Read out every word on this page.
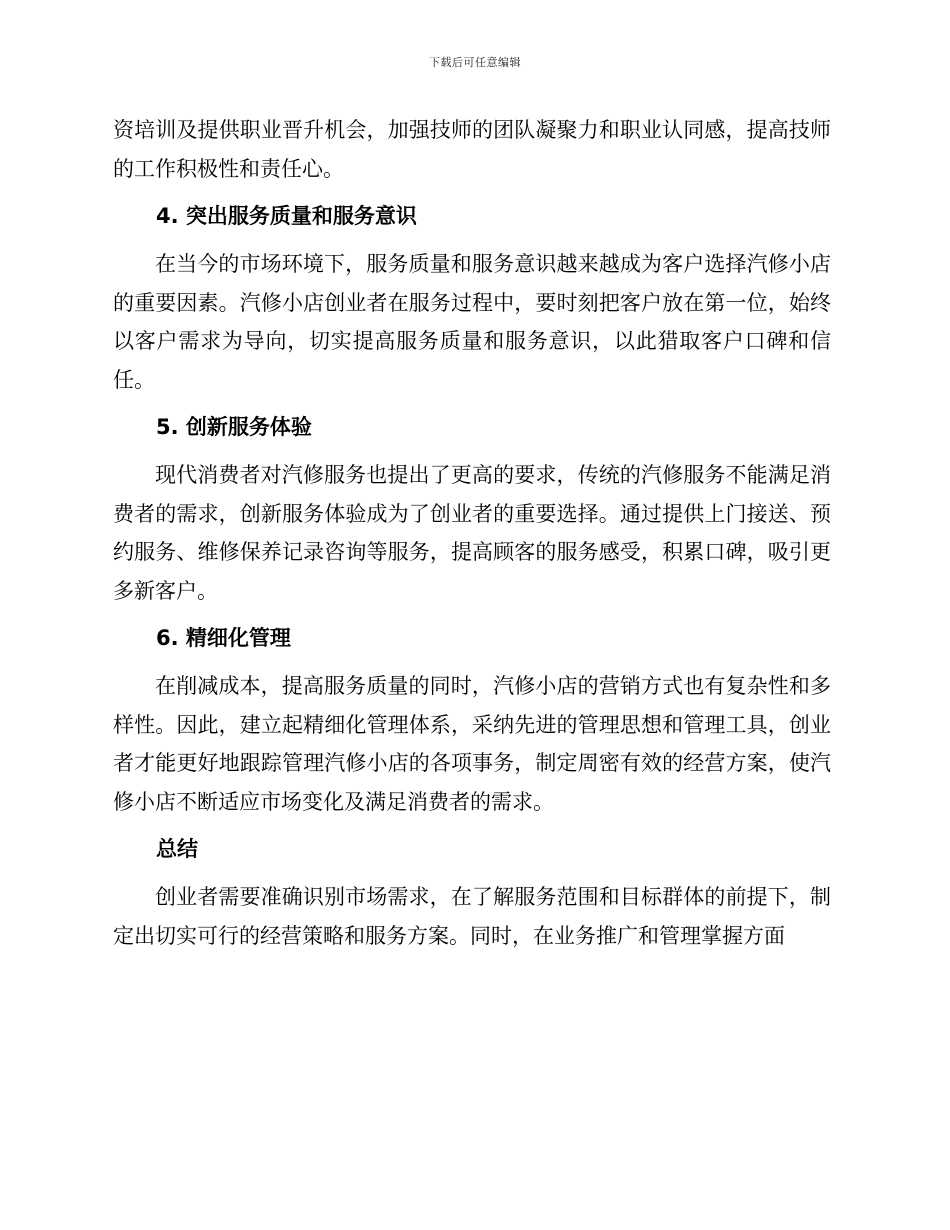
下载后可任意编辑

资培训及提供职业晋升机会，加强技师的团队凝聚力和职业认同感，提高技师的工作积极性和责任心。

4. 突出服务质量和服务意识

在当今的市场环境下，服务质量和服务意识越来越成为客户选择汽修小店的重要因素。汽修小店创业者在服务过程中，要时刻把客户放在第一位，始终以客户需求为导向，切实提高服务质量和服务意识，以此猎取客户口碑和信任。

5. 创新服务体验

现代消费者对汽修服务也提出了更高的要求，传统的汽修服务不能满足消费者的需求，创新服务体验成为了创业者的重要选择。通过提供上门接送、预约服务、维修保养记录咨询等服务，提高顾客的服务感受，积累口碑，吸引更多新客户。

6. 精细化管理

在削减成本，提高服务质量的同时，汽修小店的营销方式也有复杂性和多样性。因此，建立起精细化管理体系，采纳先进的管理思想和管理工具，创业者才能更好地跟踪管理汽修小店的各项事务，制定周密有效的经营方案，使汽修小店不断适应市场变化及满足消费者的需求。

总结

创业者需要准确识别市场需求，在了解服务范围和目标群体的前提下，制定出切实可行的经营策略和服务方案。同时，在业务推广和管理掌握方面
